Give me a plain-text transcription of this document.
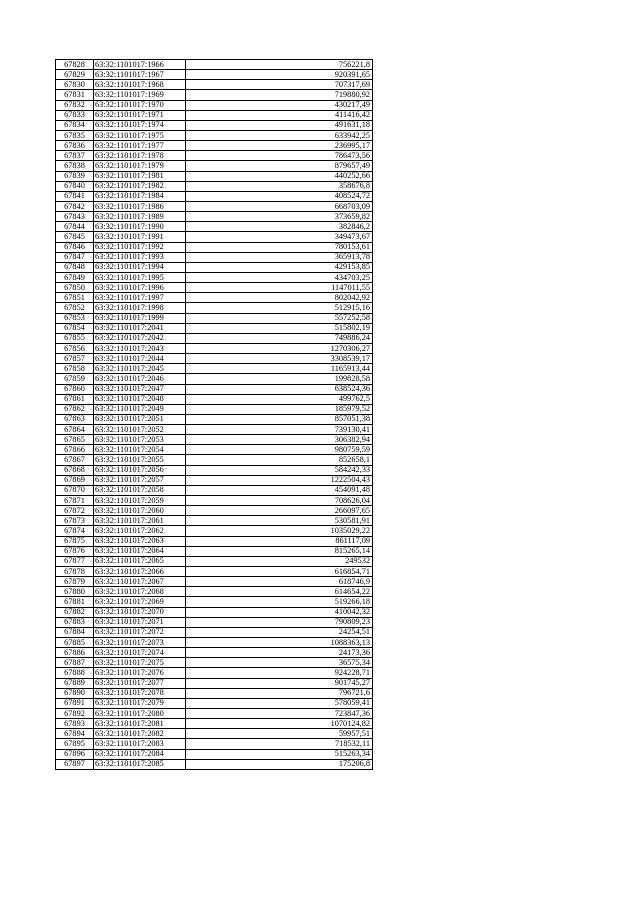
67828	63:32:1101017:1966	756221,8
67829	63:32:1101017:1967	920391,65
67830	63:32:1101017:1968	707317,69
67831	63:32:1101017:1969	719880,92
67832	63:32:1101017:1970	430217,49
67833	63:32:1101017:1971	411416,42
67834	63:32:1101017:1974	491631,18
67835	63:32:1101017:1975	633942,25
67836	63:32:1101017:1977	236995,17
67837	63:32:1101017:1978	786473,56
67838	63:32:1101017:1979	879657,49
67839	63:32:1101017:1981	440252,66
67840	63:32:1101017:1982	358676,8
67841	63:32:1101017:1984	408524,72
67842	63:32:1101017:1986	668703,09
67843	63:32:1101017:1989	373659,82
67844	63:32:1101017:1990	382846,2
67845	63:32:1101017:1991	349473,67
67846	63:32:1101017:1992	780153,61
67847	63:32:1101017:1993	365913,78
67848	63:32:1101017:1994	429153,85
67849	63:32:1101017:1995	434703,25
67850	63:32:1101017:1996	1147011,55
67851	63:32:1101017:1997	802042,92
67852	63:32:1101017:1998	512915,16
67853	63:32:1101017:1999	557252,58
67854	63:32:1101017:2041	515802,19
67855	63:32:1101017:2042	749886,24
67856	63:32:1101017:2043	1270306,27
67857	63:32:1101017:2044	3308539,17
67858	63:32:1101017:2045	1165913,44
67859	63:32:1101017:2046	199828,58
67860	63:32:1101017:2047	638524,36
67861	63:32:1101017:2048	499762,5
67862	63:32:1101017:2049	185979,52
67863	63:32:1101017:2051	857051,38
67864	63:32:1101017:2052	739130,41
67865	63:32:1101017:2053	306382,94
67866	63:32:1101017:2054	980759,59
67867	63:32:1101017:2055	852658,1
67868	63:32:1101017:2056	584242,33
67869	63:32:1101017:2057	1222504,43
67870	63:32:1101017:2058	454091,48
67871	63:32:1101017:2059	708626,04
67872	63:32:1101017:2060	266097,65
67873	63:32:1101017:2061	530581,91
67874	63:32:1101017:2062	1035029,22
67875	63:32:1101017:2063	861117,09
67876	63:32:1101017:2064	815265,14
67877	63:32:1101017:2065	249532
67878	63:32:1101017:2066	616854,71
67879	63:32:1101017:2067	618746,9
67880	63:32:1101017:2068	614654,22
67881	63:32:1101017:2069	519266,18
67882	63:32:1101017:2070	410042,32
67883	63:32:1101017:2071	790809,23
67884	63:32:1101017:2072	24254,51
67885	63:32:1101017:2073	1088363,13
67886	63:32:1101017:2074	24173,36
67887	63:32:1101017:2075	36575,34
67888	63:32:1101017:2076	924228,71
67889	63:32:1101017:2077	901745,27
67890	63:32:1101017:2078	796721,6
67891	63:32:1101017:2079	578059,41
67892	63:32:1101017:2080	723847,36
67893	63:32:1101017:2081	1070124,82
67894	63:32:1101017:2082	59957,51
67895	63:32:1101017:2083	718532,11
67896	63:32:1101017:2084	515263,34
67897	63:32:1101017:2085	175206,8
